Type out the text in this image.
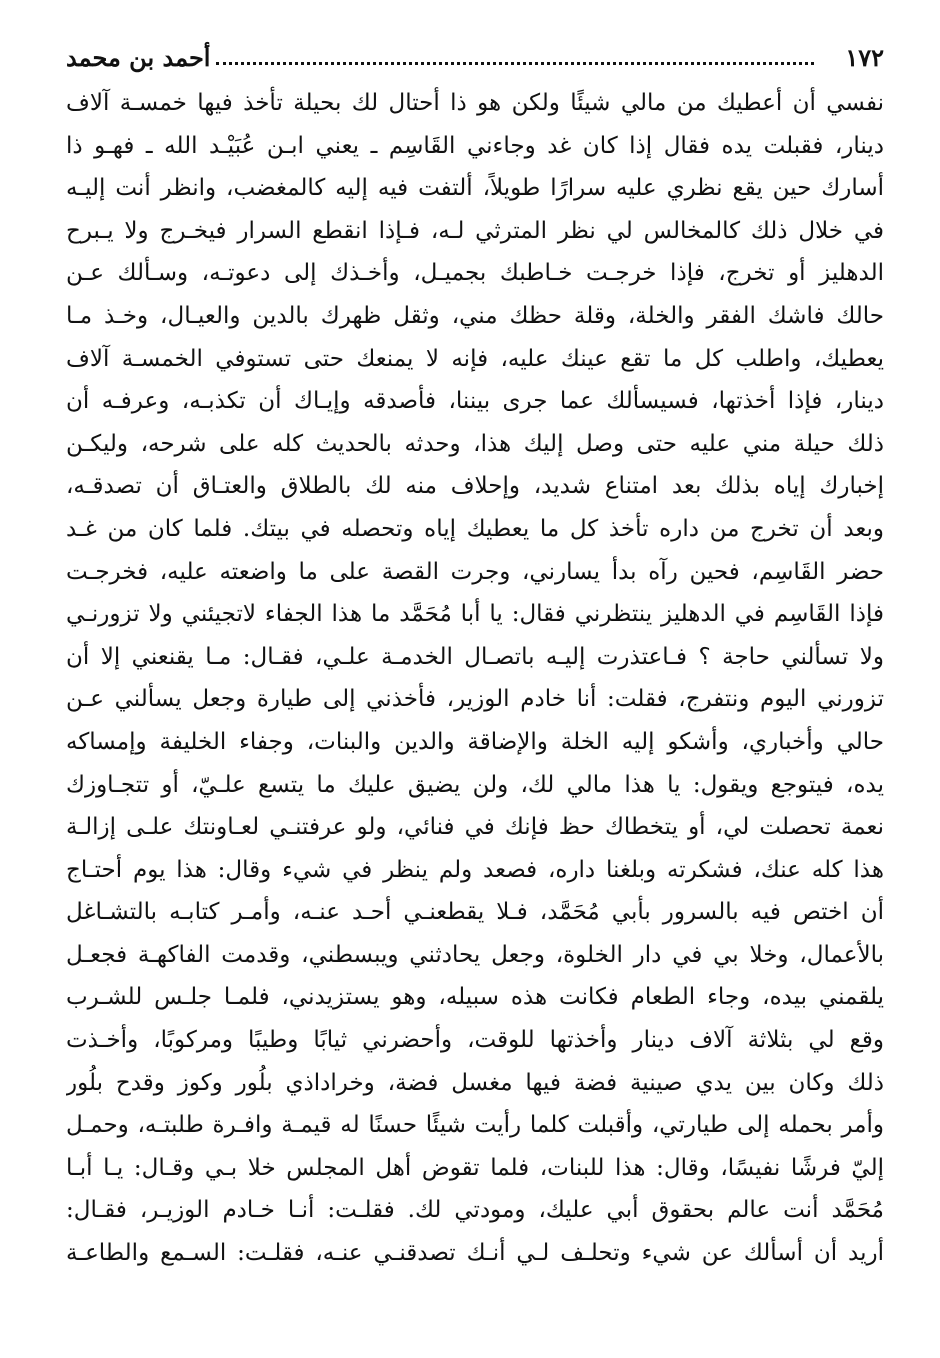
١٧٢
أحمد بن محمد
نفسي أن أعطيك من مالي شيئًا ولكن هو ذا أحتال لك بحيلة تأخذ فيها خمسـة آلاف
دينار، فقبلت يده فقال إذا كان غد وجاءني القَاسِم ـ يعني ابـن عُبَيْـد الله ـ فهـو ذا
أسارك حين يقع نظري عليه سرارًا طويلاً، ألتفت فيه إليه كالمغضب، وانظر أنت إليـه
في خلال ذلك كالمخالس لي نظر المترثي لـه، فـإذا انقطع السرار فيخـرج ولا يـبرح
الدهليز أو تخرج، فإذا خرجـت خـاطبك بجميـل، وأخـذك إلى دعوتـه، وسـألك عـن
حالك فاشك الفقر والخلة، وقلة حظك مني، وثقل ظهرك بالدين والعيـال، وخـذ مـا
يعطيك، واطلب كل ما تقع عينك عليه، فإنه لا يمنعك حتى تستوفي الخمسـة آلاف
دينار، فإذا أخذتها، فسيسألك عما جرى بيننا، فأصدقه وإيـاك أن تكذبـه، وعرفـه أن
ذلك حيلة مني عليه حتى وصل إليك هذا، وحدثه بالحديث كله على شرحه، وليكـن
إخبارك إياه بذلك بعد امتناع شديد، وإحلاف منه لك بالطلاق والعتـاق أن تصدقـه،
وبعد أن تخرج من داره تأخذ كل ما يعطيك إياه وتحصله في بيتك. فلما كان من غـد
حضر القَاسِم، فحين رآه بدأ يسارني، وجرت القصة على ما واضعته عليه، فخرجـت
فإذا القَاسِم في الدهليز ينتظرني فقال: يا أبا مُحَمَّد ما هذا الجفاء لاتجيئني ولا تزورنـي
ولا تسألني حاجة ؟ فـاعتذرت إليـه باتصـال الخدمـة علـي، فقـال: مـا يقنعني إلا أن
تزورني اليوم ونتفرج، فقلت: أنا خادم الوزير، فأخذني إلى طيارة وجعل يسألني عـن
حالي وأخباري، وأشكو إليه الخلة والإضاقة والدين والبنات، وجفاء الخليفة وإمساكه
يده، فيتوجع ويقول: يا هذا مالي لك، ولن يضيق عليك ما يتسع علـيّ، أو تتجـاوزك
نعمة تحصلت لي، أو يتخطاك حظ فإنك في فنائي، ولو عرفتنـي لعـاونتك علـى إزالـة
هذا كله عنك، فشكرته وبلغنا داره، فصعد ولم ينظر في شيء وقال: هذا يوم أحتـاج
أن اختص فيه بالسرور بأبي مُحَمَّد، فـلا يقطعنـي أحـد عنـه، وأمـر كتابـه بالتشـاغل
بالأعمال، وخلا بي في دار الخلوة، وجعل يحادثني ويبسطني، وقدمت الفاكهـة فجعـل
يلقمني بيده، وجاء الطعام فكانت هذه سبيله، وهو يستزيدني، فلمـا جلـس للشـرب
وقع لي بثلاثة آلاف دينار وأخذتها للوقت، وأحضرني ثيابًا وطيبًا ومركوبًا، وأخـذت
ذلك وكان بين يدي صينية فضة فيها مغسل فضة، وخراداذي بلُور وكوز وقدح بلُور
وأمر بحمله إلى طيارتي، وأقبلت كلما رأيت شيئًا حسنًا له قيمـة وافـرة طلبتـه، وحمـل
إليّ فرشًا نفيسًا، وقال: هذا للبنات، فلما تقوض أهل المجلس خلا بـي وقـال: يـا أبـا
مُحَمَّد أنت عالم بحقوق أبي عليك، ومودتي لك. فقلـت: أنـا خـادم الوزيـر، فقـال:
أريد أن أسألك عن شيء وتحلـف لـي أنـك تصدقنـي عنـه، فقلـت: السـمع والطاعـة
